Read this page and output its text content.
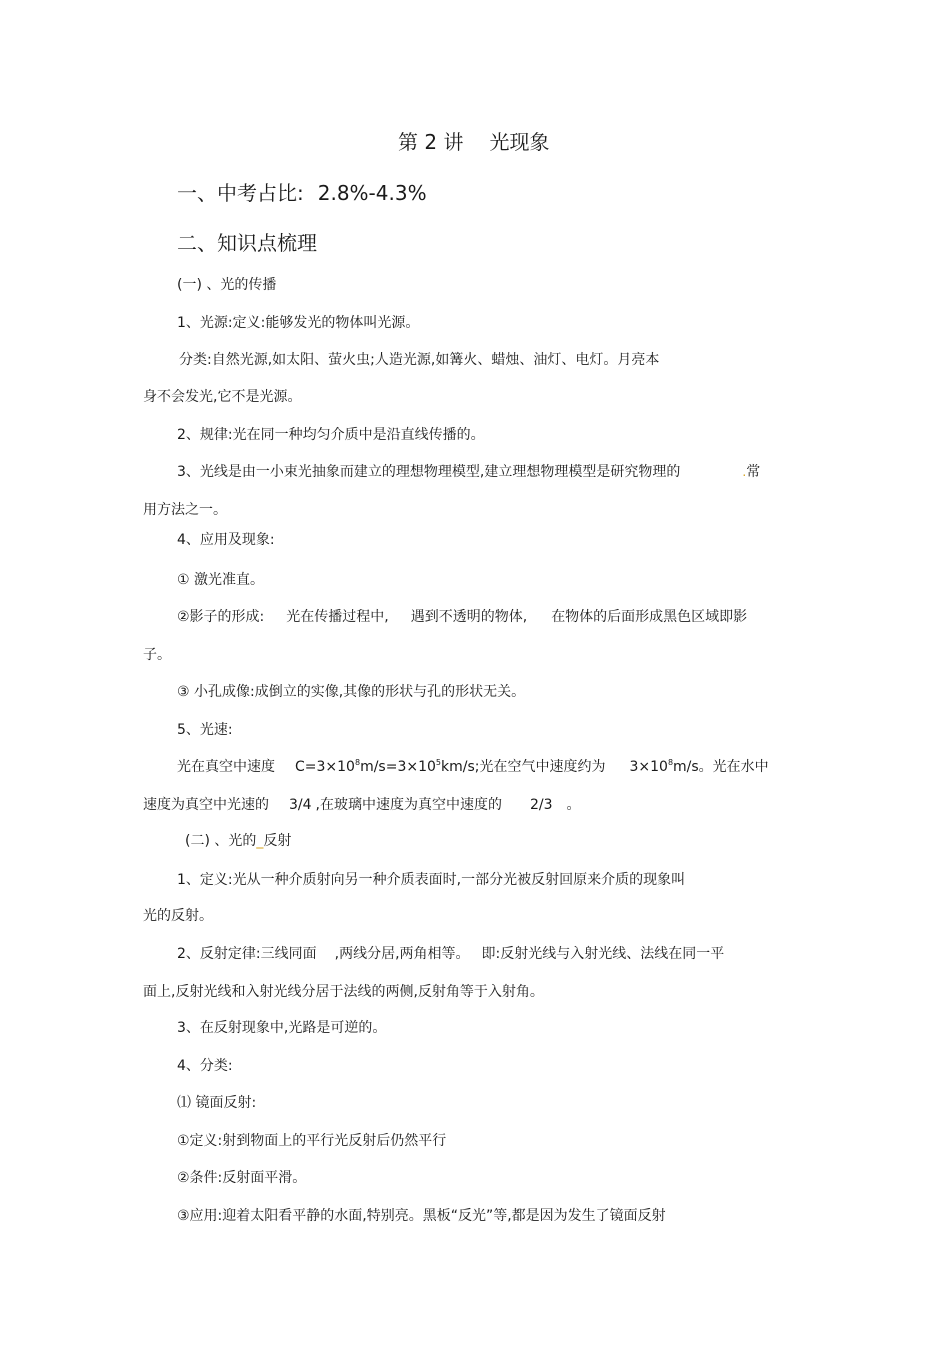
第 2 讲 光现象
一、中考占比: 2.8%-4.3%
二、知识点梳理
(一) 、光的传播
1、光源:定义:能够发光的物体叫光源。
分类:自然光源,如太阳、萤火虫;人造光源,如篝火、蜡烛、油灯、电灯。月亮本
身不会发光,它不是光源。
2、规律:光在同一种均匀介质中是沿直线传播的。
3、光线是由一小束光抽象而建立的理想物理模型,建立理想物理模型是研究物理的	.常
用方法之一。
4、应用及现象:
① 激光准直。
②影子的形成: 光在传播过程中, 遇到不透明的物体, 在物体的后面形成黑色区域即影
子。
③ 小孔成像:成倒立的实像,其像的形状与孔的形状无关。
5、光速:
光在真空中速度 $C=3\times 10^8m/s=3\times 10^5km/s$;光在空气中速度约为 $3\times 10^8m/s$。光在水中
速度为真空中光速的 3/4 ,在玻璃中速度为真空中速度的 2/3 。
(二) 、光的_反射
1、定义:光从一种介质射向另一种介质表面时,一部分光被反射回原来介质的现象叫
光的反射。
2、反射定律:三线同面 ,两线分居,两角相等。 即:反射光线与入射光线、法线在同一平
面上,反射光线和入射光线分居于法线的两侧,反射角等于入射角。
3、在反射现象中,光路是可逆的。
4、分类:
⑴ 镜面反射:
①定义:射到物面上的平行光反射后仍然平行
②条件:反射面平滑。
③应用:迎着太阳看平静的水面,特别亮。黑板“反光”等,都是因为发生了镜面反射
